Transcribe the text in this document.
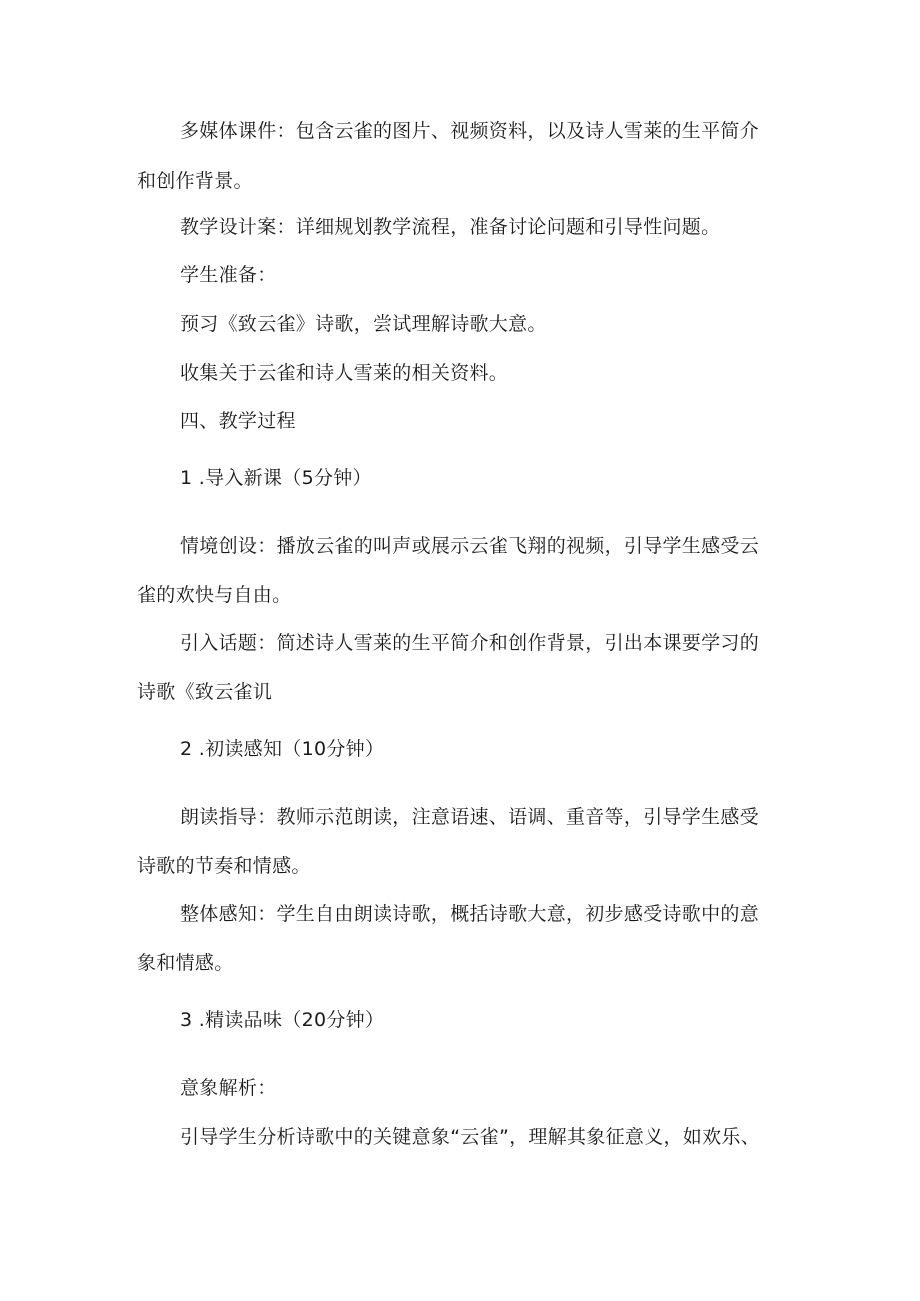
多媒体课件：包含云雀的图片、视频资料，以及诗人雪莱的生平简介
和创作背景。
教学设计案：详细规划教学流程，准备讨论问题和引导性问题。
学生准备：
预习《致云雀》诗歌，尝试理解诗歌大意。
收集关于云雀和诗人雪莱的相关资料。
四、教学过程
1 .导入新课（5分钟）
情境创设：播放云雀的叫声或展示云雀飞翔的视频，引导学生感受云
雀的欢快与自由。
引入话题：简述诗人雪莱的生平简介和创作背景，引出本课要学习的
诗歌《致云雀讥
2 .初读感知（10分钟）
朗读指导：教师示范朗读，注意语速、语调、重音等，引导学生感受
诗歌的节奏和情感。
整体感知：学生自由朗读诗歌，概括诗歌大意，初步感受诗歌中的意
象和情感。
3 .精读品味（20分钟）
意象解析：
引导学生分析诗歌中的关键意象“云雀”，理解其象征意义，如欢乐、
